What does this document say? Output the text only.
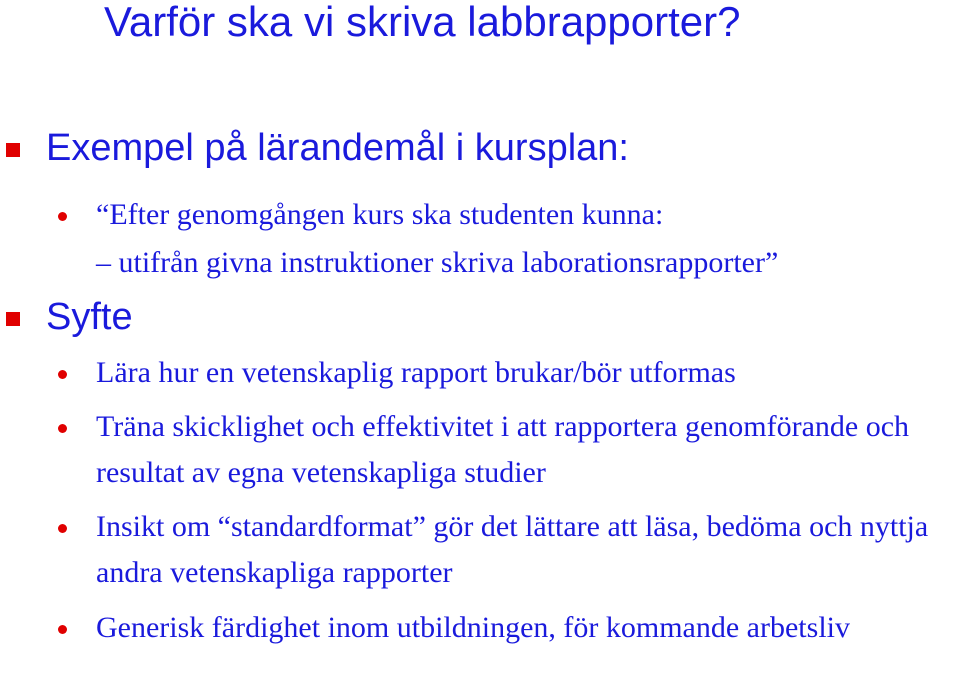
Varför ska vi skriva labbrapporter?
Exempel på lärandemål i kursplan:
“Efter genomgången kurs ska studenten kunna:
– utifrån givna instruktioner skriva laborationsrapporter”
Syfte
Lära hur en vetenskaplig rapport brukar/bör utformas
Träna skicklighet och effektivitet i att rapportera genomförande och resultat av egna vetenskapliga studier
Insikt om “standardformat” gör det lättare att läsa, bedöma och nyttja andra vetenskapliga rapporter
Generisk färdighet inom utbildningen, för kommande arbetsliv
